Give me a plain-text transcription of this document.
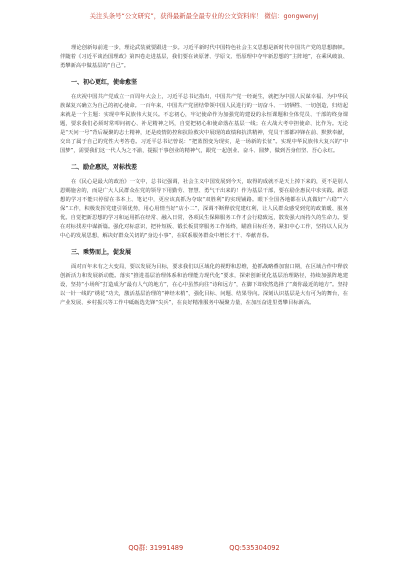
关注头条号“公文研究”，获得最新最全最专业的公文资料库！ 微信：gongwenyj

理论创新每前进一步，理论武装就要跟进一步。习近平新时代中国特色社会主义思想是新时代中国共产党的思想旗帜。伴随着《习近平谈治国理政》第四卷走进基层，我们要在读原著、学原文、悟原理中夺牢新思想的“主阵地”，在乘风破浪、勇攀新高中做基层的“自己”。

一、初心更红，使命愈坚

在庆祝中国共产党成立一百周年大会上，习近平总书记指出，中国共产党一经诞生，就把为中国人民谋幸福、为中华民族谋复兴确立为自己的初心使命。一百年来，中国共产党团结带领中国人民进行的一切奋斗、一切牺牲、一切创造，归结起来就是一个主题：实现中华民族伟大复兴。不忘初心，牢记使命作为加强党的建设的永恒课题和全体党员、干部的终身课题，要求我们必须时常叩问初心、补足精神之钙，自觉把初心和使命落在基层一线；在大战大考中担使命、比作为。无论是“天问一号”背后凝聚的志士精神，还是疫情防控和抗险救灾中展现的政绩和抗洪精神，党员干部都冲锋在前、默默奉献，交出了属于自己的党性大考答卷。习近平总书记曾说：“把蓝图变为现实，是一场新的长征”。实现中华民族伟大复兴的“中国梦”，需要我们这一代人为之不渝，提振干事创业的精神气，跟党一起创业、奋斗、圆梦，做到吾身但坚、吾心永红。

二、励企惠民，对标找差

在《民心是最大的政治》一文中，总书记强调，社会主义中国发展到今天，取得的成就不是天上掉下来的，更不是别人恩赐施舍的，而是广大人民群众在党的领导下用勤劳、智慧、勇气干出来的！作为基层干部，要在励企惠民中求实践。新思想的学习不能只停留在书本上、笔记中，更应该真抓为夺取“双胜利”的实现铺路。眼下全国各地都在认真做好“六稳”“六保”工作，积极发挥党建引领优势，用心用情当好“店小二”，深调不断释放党建红利，让人民群众感受到党的政策暖、服务优。自觉把新思想的学习和运用抓在经常、融入日常，各项民生保障服务工作才会行稳致远，散发强大而持久的生命力。要在对标找差中谋新篇。强化对标意识，把补短板、锻长板贯穿服务工作始终，瞄准目标任务，紧扣中心工作，坚持以人民为中心的发展思想，解决好群众关切的“身边小事”，在联系服务群众中增长才干、奉献青春。

三、乘势而上，促发展

面对百年未有之大变局，要以发展为目标，要求我们以区域化的视野和思维，抢抓战略叠加窗口期，在区域合作中释放创新活力和发展新动能。落实“推进基层治理体系和治理能力现代化”要求，探索创新优化基层治理路径，持续加强阵地建设，坚持“小场所”打造成为“最有人气的地方”，在心中虽然向往“诗和远方”，在脚下却依然选择了“离你最近的地方”。坚持以一针一线的“绣花”功夫，激活基层治理的“神经末梢”，强化目标、问题、结果导向。深刻认识基层是大有可为的舞台，在产业发展、乡村振兴等工作中砥砺选先锋“尖兵”，在良好精准服务中凝聚力量，在加压奋进里勇攀目标新高。

QQ群: 31991489	QQ:535304092
